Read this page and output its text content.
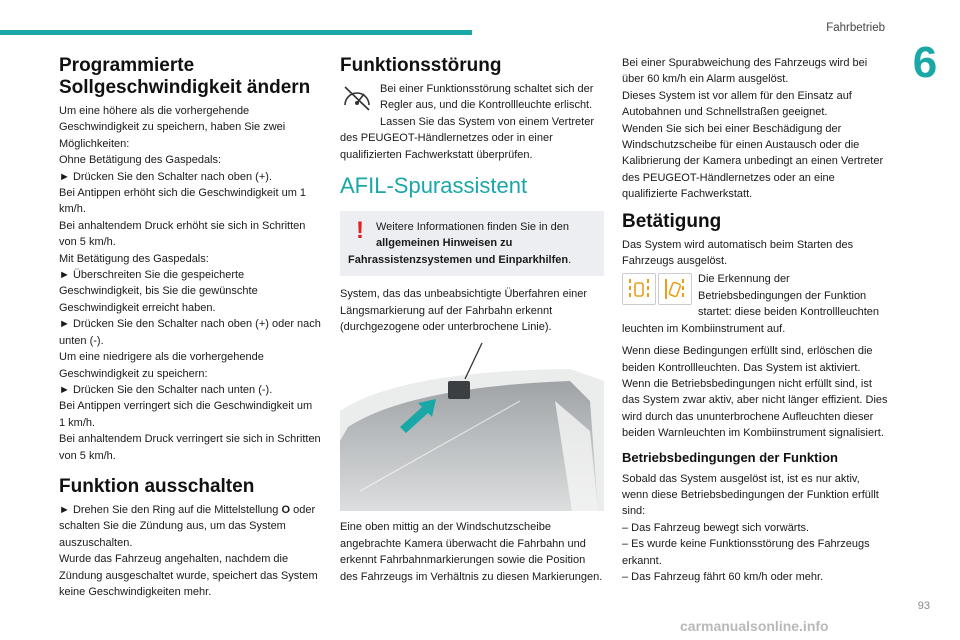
Fahrbetrieb
6
Programmierte Sollgeschwindigkeit ändern

Um eine höhere als die vorhergehende Geschwindigkeit zu speichern, haben Sie zwei Möglichkeiten:
Ohne Betätigung des Gaspedals:
► Drücken Sie den Schalter nach oben (+).
Bei Antippen erhöht sich die Geschwindigkeit um 1 km/h.
Bei anhaltendem Druck erhöht sie sich in Schritten von 5 km/h.
Mit Betätigung des Gaspedals:
► Überschreiten Sie die gespeicherte Geschwindigkeit, bis Sie die gewünschte Geschwindigkeit erreicht haben.
► Drücken Sie den Schalter nach oben (+) oder nach unten (-).
Um eine niedrigere als die vorhergehende Geschwindigkeit zu speichern:
► Drücken Sie den Schalter nach unten (-).
Bei Antippen verringert sich die Geschwindigkeit um 1 km/h.
Bei anhaltendem Druck verringert sie sich in Schritten von 5 km/h.

Funktion ausschalten

► Drehen Sie den Ring auf die Mittelstellung O oder schalten Sie die Zündung aus, um das System auszuschalten.
Wurde das Fahrzeug angehalten, nachdem die Zündung ausgeschaltet wurde, speichert das System keine Geschwindigkeiten mehr.

Funktionsstörung
Bei einer Funktionsstörung schaltet sich der Regler aus, und die Kontrollleuchte erlischt. Lassen Sie das System von einem Vertreter des PEUGEOT-Händlernetzes oder in einer qualifizierten Fachwerkstatt überprüfen.
AFIL-Spurassistent
!	Weitere Informationen finden Sie in den allgemeinen Hinweisen zu Fahrassistenzsystemen und Einparkhilfen.

System, das das unbeabsichtigte Überfahren einer Längsmarkierung auf der Fahrbahn erkennt (durchgezogene oder unterbrochene Linie).

Eine oben mittig an der Windschutzscheibe angebrachte Kamera überwacht die Fahrbahn und erkennt Fahrbahnmarkierungen sowie die Position des Fahrzeugs im Verhältnis zu diesen Markierungen.

Bei einer Spurabweichung des Fahrzeugs wird bei über 60 km/h ein Alarm ausgelöst.
Dieses System ist vor allem für den Einsatz auf Autobahnen und Schnellstraßen geeignet.
Wenden Sie sich bei einer Beschädigung der Windschutzscheibe für einen Austausch oder die Kalibrierung der Kamera unbedingt an einen Vertreter des PEUGEOT-Händlernetzes oder an eine qualifizierte Fachwerkstatt.

Betätigung

Das System wird automatisch beim Starten des Fahrzeugs ausgelöst.

Die Erkennung der Betriebsbedingungen der Funktion startet: diese beiden Kontrollleuchten leuchten im Kombiinstrument auf.

Wenn diese Bedingungen erfüllt sind, erlöschen die beiden Kontrollleuchten. Das System ist aktiviert.
Wenn die Betriebsbedingungen nicht erfüllt sind, ist das System zwar aktiv, aber nicht länger effizient. Dies wird durch das ununterbrochene Aufleuchten dieser beiden Warnleuchten im Kombiinstrument signalisiert.

Betriebsbedingungen der Funktion

Sobald das System ausgelöst ist, ist es nur aktiv, wenn diese Betriebsbedingungen der Funktion erfüllt sind:
– Das Fahrzeug bewegt sich vorwärts.
– Es wurde keine Funktionsstörung des Fahrzeugs erkannt.
– Das Fahrzeug fährt 60 km/h oder mehr.

93
carmanualsonline.info
